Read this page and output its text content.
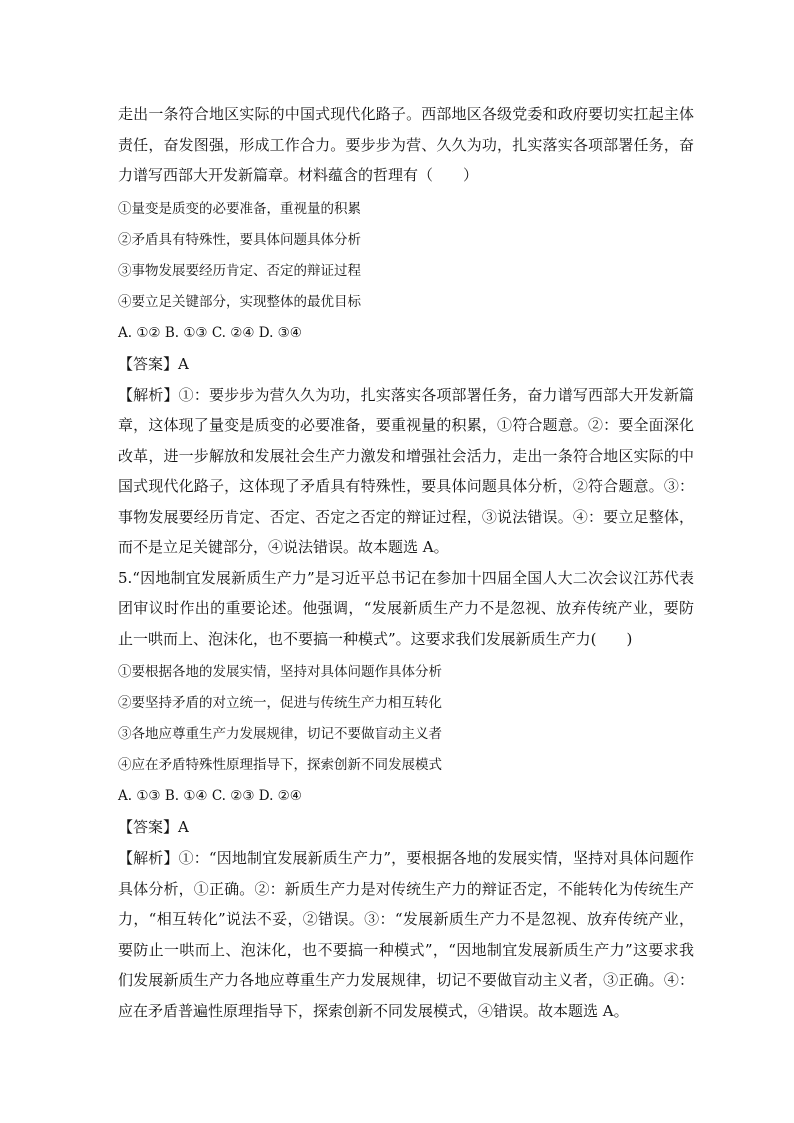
走出一条符合地区实际的中国式现代化路子。西部地区各级党委和政府要切实扛起主体责任，奋发图强，形成工作合力。要步步为营、久久为功，扎实落实各项部署任务，奋力谱写西部大开发新篇章。材料蕴含的哲理有（　　）

①量变是质变的必要准备，重视量的积累

②矛盾具有特殊性，要具体问题具体分析

③事物发展要经历肯定、否定的辩证过程

④要立足关键部分，实现整体的最优目标

A. ①② B. ①③ C. ②④ D. ③④

【答案】A

【解析】①：要步步为营久久为功，扎实落实各项部署任务，奋力谱写西部大开发新篇章，这体现了量变是质变的必要准备，要重视量的积累，①符合题意。②：要全面深化改革，进一步解放和发展社会生产力激发和增强社会活力，走出一条符合地区实际的中国式现代化路子，这体现了矛盾具有特殊性，要具体问题具体分析，②符合题意。③：事物发展要经历肯定、否定、否定之否定的辩证过程，③说法错误。④：要立足整体，而不是立足关键部分，④说法错误。故本题选 A。

5.“因地制宜发展新质生产力”是习近平总书记在参加十四届全国人大二次会议江苏代表团审议时作出的重要论述。他强调，“发展新质生产力不是忽视、放弃传统产业，要防止一哄而上、泡沫化，也不要搞一种模式”。这要求我们发展新质生产力(　　)

①要根据各地的发展实情，坚持对具体问题作具体分析

②要坚持矛盾的对立统一，促进与传统生产力相互转化

③各地应尊重生产力发展规律，切记不要做盲动主义者

④应在矛盾特殊性原理指导下，探索创新不同发展模式

A. ①③ B. ①④ C. ②③ D. ②④

【答案】A

【解析】①：“因地制宜发展新质生产力”，要根据各地的发展实情，坚持对具体问题作具体分析，①正确。②：新质生产力是对传统生产力的辩证否定，不能转化为传统生产力，“相互转化”说法不妥，②错误。③：“发展新质生产力不是忽视、放弃传统产业，要防止一哄而上、泡沫化，也不要搞一种模式”，“因地制宜发展新质生产力”这要求我们发展新质生产力各地应尊重生产力发展规律，切记不要做盲动主义者，③正确。④：应在矛盾普遍性原理指导下，探索创新不同发展模式，④错误。故本题选 A。
